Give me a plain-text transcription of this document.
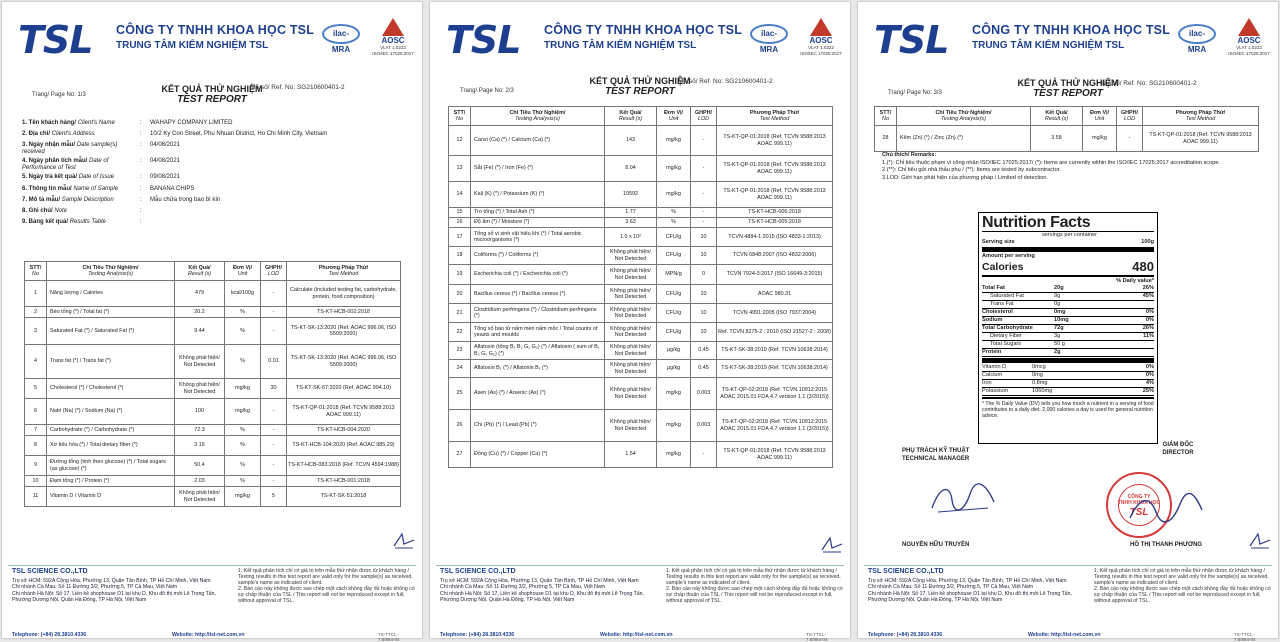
TSL CÔNG TY TNHH KHOA HỌC TSL
TRUNG TÂM KIỂM NGHIỆM TSL
ilac-MRA
AOSC
VLAT 1.0222
ISO/IEC 17025:2017
KẾT QUẢ THỬ NGHIỆM
TEST REPORT
Mã số/ Ref. No: SG210600401-2
Trang/ Page No: 1/3
1. Tên khách hàng/ Client's Name	: WAHAPY COMPANY LIMITED
2. Địa chỉ/ Client's Address	: 10/2 Ky Con Street, Phu Nhuan District, Ho Chi Minh City, Vietnam
3. Ngày nhận mẫu/ Date sample(s) received
: 04/08/2021
4. Ngày phân tích mẫu/ Date of Performance of Test
: 04/08/2021
5. Ngày trả kết quả/ Date of Issue	: 09/08/2021
6. Thông tin mẫu/ Name of Sample	: BANANA CHIPS
7. Mô tả mẫu/ Sample Description	: Mẫu chứa trong bao bì kín
8. Ghi chú/ Note	:
9. Bảng kết quả/ Results Table	:
STT/
No	Chỉ Tiêu Thử Nghiệm/
Testing Analysis(s)	Kết Quả/
Result (s)	Đơn Vị/
Unit	GHPH/
LOD	Phương Pháp Thử/
Test Method

1	Năng lượng / Calories	479	kcal/100g	-	Calculate (included testing fat, carbohydrate, protein, food composition)
2	Béo tổng (*) / Total fat (*)	20.2	%	-	TS-KT-HCB-002:2018
3	Saturated Fat (*) / Saturated Fat (*)	9.44	%	-	TS-KT-SK-13:2020 (Ref. AOAC 996.06, ISO 5509:2000)
4	Trans fat (*) / Trans fat (*)	Không phát hiện/ Not Detected	%	0.01	TS-KT-SK-13:2020 (Ref. AOAC 996.06, ISO 5509:2000)
5	Cholesterol (*) / Cholesterol (*)	Không phát hiện/ Not Detected	mg/kg	30	TS-KT-SK-67:2020 (Ref. AOAC 994.10)
6	Natri (Na) (*) / Sodium (Na) (*)	100	mg/kg	-	TS-KT-QP-01:2018 (Ref. TCVN 9588:2013 AOAC 999.11)
7	Carbohydrate (*) / Carbohydrate (*)	72.3	%	-	TS-KT-HCB-004:2020
8	Xơ tiêu hóa (*) / Total dietary fiber (*)	3.16	%	-	TS-KT-HCB-104:2020 (Ref. AOAC 985.29)
9	Đường tổng (tính theo glucose) (*) / Total sugars (as glucose) (*)	50.4	%	-	TS-KT-HCB-083:2018 (Ref. TCVN 4594:1988)
10	Đạm tổng (*) / Protein (*)	2.03	%	-	TS-KT-HCB-001:2018
11	Vitamin D / Vitamin D	Không phát hiện/ Not Detected	mg/kg	5	TS-KT-SK-51:2018
TSL SCIENCE CO.,LTD
Trụ sở HCM: 592A Cộng Hòa, Phường 13, Quận Tân Bình, TP Hồ Chí Minh, Việt Nam
Chi nhánh Cà Mau: Số 11 Đường 3/2, Phường 5, TP Cà Mau, Việt Nam
Chi nhánh Hà Nội: Số 17, Liền kề shophouse D1 tại khu D, Khu đô thị mới Lê Trọng Tấn, Phường Dương Nội, Quận Hà Đông, TP Hà Nội, Việt Nam
1. Kết quả phân tích chỉ có giá trị trên mẫu thử nhận được từ khách hàng / Testing results in this test report are valid only for the sample(s) as received, sample's name as indicated of client.
2. Báo cáo này không được sao chép một cách không đầy đủ hoặc không có sự chấp thuận của TSL / This report will not be reproduced except in full, without approval of TSL.
Telephone: (+84) 28.3810.4336	Website: http://tsl-net.com.vn	TS-TTCL-7.8/984-04
TSL CÔNG TY TNHH KHOA HỌC TSL
TRUNG TÂM KIỂM NGHIỆM TSL
ilac-MRA
AOSC
VLAT 1.0222
ISO/IEC 17025:2017
KẾT QUẢ THỬ NGHIỆM
TEST REPORT
Mã số/ Ref. No: SG210600401-2
Trang/ Page No: 2/3
STT/
No	Chỉ Tiêu Thử Nghiệm/
Testing Analysis(s)	Kết Quả/
Result (s)	Đơn Vị/
Unit	GHPH/
LOD	Phương Pháp Thử/
Test Method

12	Canxi (Ca) (*) / Calcium (Ca) (*)	143	mg/kg	-	TS-KT-QP-01:2018 (Ref. TCVN 9588:2013 AOAC 999.11)
13	Sắt (Fe) (*) / Iron (Fe) (*)	8.04	mg/kg	-	TS-KT-QP-01:2018 (Ref. TCVN 9588:2013 AOAC 999.11)
14	Kali (K) (*) / Potassium (K) (*)	10592	mg/kg	-	TS-KT-QP-01:2018 (Ref. TCVN 9588:2013 AOAC 999.11)
15	Tro tổng (*) / Total Ash (*)	1.77	%	-	TS-KT-HCB-006:2018
16	Độ ẩm (*) / Moisture (*)	3.63	%	-	TS-KT-HCB-005:2018
17	Tổng số vi sinh vật hiếu khí (*) / Total aerobic microorganisms (*)	1.0 x 10²	CFU/g	10	TCVN 4884-1:2015 (ISO 4833-1:2013)
18	Coliforms (*) / Coliforms (*)	Không phát hiện/ Not Detected	CFU/g	10	TCVN 6848:2007 (ISO 4832:2006)
19	Escherichia coli (*) / Escherichia coli (*)	Không phát hiện/ Not Detected	MPN/g	0	TCVN 7924-3:2017 (ISO 16649-3:2015)
20	Bacillus cereus (*) / Bacillus cereus (*)	Không phát hiện/ Not Detected	CFU/g	10	AOAC 980.31
21	Clostridium perfringens (*) / Clostridium perfringens (*)	Không phát hiện/ Not Detected	CFU/g	10	TCVN 4991:2005 (ISO 7937:2004)
22	Tổng số bào tử nấm men nấm mốc / Total counts of yeasts and moulds	Không phát hiện/ Not Detected	CFU/g	10	Ref. TCVN 8275-2 : 2010 (ISO 21527-2 : 2008)
23	Aflatoxin (tổng B₁ B₂ G₁ G₂) (*) / Aflatoxin ( sum of B₁ B₂ G₁ G₂) (*)	Không phát hiện/ Not Detected	µg/kg	0.45	TS-KT-SK-38:2019 (Ref. TCVN 10638:2014)
24	Aflatoxin B₁ (*) / Aflatoxin B₁ (*)	Không phát hiện/ Not Detected	µg/kg	0.45	TS-KT-SK-38:2019 (Ref. TCVN 10638:2014)
25	Asen (As) (*) / Arsenic (As) (*)	Không phát hiện/ Not Detected	mg/kg	0.003	TS-KT-QP-02:2018 (Ref. TCVN 10912:2015 AOAC 2015.01 FDA 4.7 version 1.1 (3/2015))
26	Chì (Pb) (*) / Lead (Pb) (*)	Không phát hiện/ Not Detected	mg/kg	0.003	TS-KT-QP-02:2018 (Ref. TCVN 10912:2015 AOAC 2015.01 FDA 4.7 version 1.1 (3/2015))
27	Đồng (Cu) (*) / Copper (Cu) (*)	1.54	mg/kg	-	TS-KT-QP-01:2018 (Ref. TCVN 9588:2013 AOAC 999.11)
TSL SCIENCE CO.,LTD
Trụ sở HCM: 592A Cộng Hòa, Phường 13, Quận Tân Bình, TP Hồ Chí Minh, Việt Nam
Chi nhánh Cà Mau: Số 11 Đường 3/2, Phường 5, TP Cà Mau, Việt Nam
Chi nhánh Hà Nội: Số 17, Liền kề shophouse D1 tại khu D, Khu đô thị mới Lê Trọng Tấn, Phường Dương Nội, Quận Hà Đông, TP Hà Nội, Việt Nam
1. Kết quả phân tích chỉ có giá trị trên mẫu thử nhận được từ khách hàng / Testing results in this test report are valid only for the sample(s) as received, sample's name as indicated of client.
2. Báo cáo này không được sao chép một cách không đầy đủ hoặc không có sự chấp thuận của TSL / This report will not be reproduced except in full, without approval of TSL.
Telephone: (+84) 28.3810.4336	Website: http://tsl-net.com.vn	TS-TTCL-7.8/984-04
TSL CÔNG TY TNHH KHOA HỌC TSL
TRUNG TÂM KIỂM NGHIỆM TSL
ilac-MRA
AOSC
VLAT 1.0222
ISO/IEC 17025:2017
KẾT QUẢ THỬ NGHIỆM
TEST REPORT
Mã số/ Ref. No: SG210600401-2
Trang/ Page No: 3/3
STT/
No	Chỉ Tiêu Thử Nghiệm/
Testing Analysis(s)	Kết Quả/
Result (s)	Đơn Vị/
Unit	GHPH/
LOD	Phương Pháp Thử/
Test Method

28	Kẽm (Zn) (*) / Zinc (Zn) (*)	3.58	mg/kg	-	TS-KT-QP-01:2018 (Ref. TCVN 9588:2013 AOAC 999.11)
Chú thích/ Remarks:
1.(*): Chỉ tiêu thuộc phạm vi công nhận ISO/IEC 17025:2017/ (*): Items are currently within the ISO/IEC 17025:2017 accreditation scope.
2.(**): Chỉ tiêu gửi nhà thầu phụ / (**): Items are tested by subcontractor.
3.LOD: Giới hạn phát hiện của phương pháp / Limited of detection.
Nutrition Facts
servings per container
Serving size	100g
Amount per serving
Calories	480
% Daily value*
Total Fat	20g	26%
Saturated Fat	9g	45%
Trans Fat	0g
Cholesterol	0mg	0%
Sodium	10mg	0%
Total Carbohydrate	72g	26%
Dietary Fiber	3g	11%
Total Sugars	50 g
Protein	2g
Vitamin D	0mcg	0%
Calcium	0mg	0%
Iron	0.8mg	4%
Potassium	1060mg	25%
* The % Daily Value (DV) tells you how much a nutrient in a serving of food contributes to a daily diet. 2,000 calories a day is used for general nutrition advice.
PHỤ TRÁCH KỸ THUẬT
TECHNICAL MANAGER
GIÁM ĐỐC
DIRECTOR
CÔNG TY
TNHH KHOA HỌC
TSL
NGUYỄN HỮU TRUYỀN	HỒ THỊ THANH PHƯƠNG
TSL SCIENCE CO.,LTD
Trụ sở HCM: 592A Cộng Hòa, Phường 13, Quận Tân Bình, TP Hồ Chí Minh, Việt Nam
Chi nhánh Cà Mau: Số 11 Đường 3/2, Phường 5, TP Cà Mau, Việt Nam
Chi nhánh Hà Nội: Số 17, Liền kề shophouse D1 tại khu D, Khu đô thị mới Lê Trọng Tấn, Phường Dương Nội, Quận Hà Đông, TP Hà Nội, Việt Nam
1. Kết quả phân tích chỉ có giá trị trên mẫu thử nhận được từ khách hàng / Testing results in this test report are valid only for the sample(s) as received, sample's name as indicated of client.
2. Báo cáo này không được sao chép một cách không đầy đủ hoặc không có sự chấp thuận của TSL / This report will not be reproduced except in full, without approval of TSL.
Telephone: (+84) 28.3810.4336	Website: http://tsl-net.com.vn	TS-TTCL-7.8/984-04
